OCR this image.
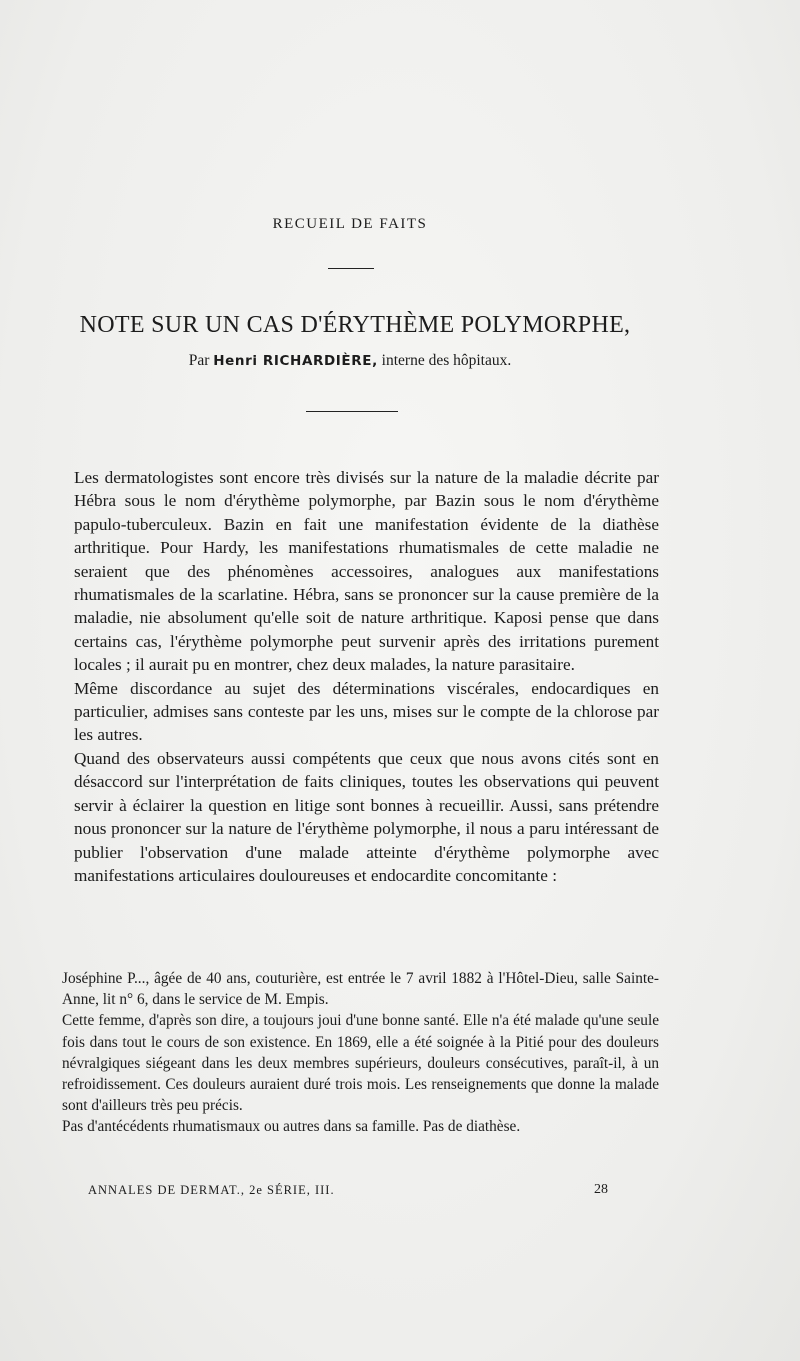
RECUEIL DE FAITS
NOTE SUR UN CAS D'ÉRYTHÈME POLYMORPHE,
Par Henri RICHARDIÈRE, interne des hôpitaux.

Les dermatologistes sont encore très divisés sur la nature de la maladie décrite par Hébra sous le nom d'érythème polymorphe, par Bazin sous le nom d'érythème papulo-tuberculeux. Bazin en fait une manifestation évidente de la diathèse arthritique. Pour Hardy, les manifestations rhumatismales de cette maladie ne seraient que des phénomènes accessoires, analogues aux manifestations rhumatismales de la scarlatine. Hébra, sans se prononcer sur la cause première de la maladie, nie absolument qu'elle soit de nature arthritique. Kaposi pense que dans certains cas, l'érythème polymorphe peut survenir après des irritations purement locales ; il aurait pu en montrer, chez deux malades, la nature parasitaire.

Même discordance au sujet des déterminations viscérales, endocardiques en particulier, admises sans conteste par les uns, mises sur le compte de la chlorose par les autres.

Quand des observateurs aussi compétents que ceux que nous avons cités sont en désaccord sur l'interprétation de faits cliniques, toutes les observations qui peuvent servir à éclairer la question en litige sont bonnes à recueillir. Aussi, sans prétendre nous prononcer sur la nature de l'érythème polymorphe, il nous a paru intéressant de publier l'observation d'une malade atteinte d'érythème polymorphe avec manifestations articulaires douloureuses et endocardite concomitante :

Joséphine P..., âgée de 40 ans, couturière, est entrée le 7 avril 1882 à l'Hôtel-Dieu, salle Sainte-Anne, lit n° 6, dans le service de M. Empis.

Cette femme, d'après son dire, a toujours joui d'une bonne santé. Elle n'a été malade qu'une seule fois dans tout le cours de son existence. En 1869, elle a été soignée à la Pitié pour des douleurs névralgiques siégeant dans les deux membres supérieurs, douleurs consécutives, paraît-il, à un refroidissement. Ces douleurs auraient duré trois mois. Les renseignements que donne la malade sont d'ailleurs très peu précis.

Pas d'antécédents rhumatismaux ou autres dans sa famille. Pas de diathèse.

ANNALES DE DERMAT., 2e SÉRIE, III.	28
